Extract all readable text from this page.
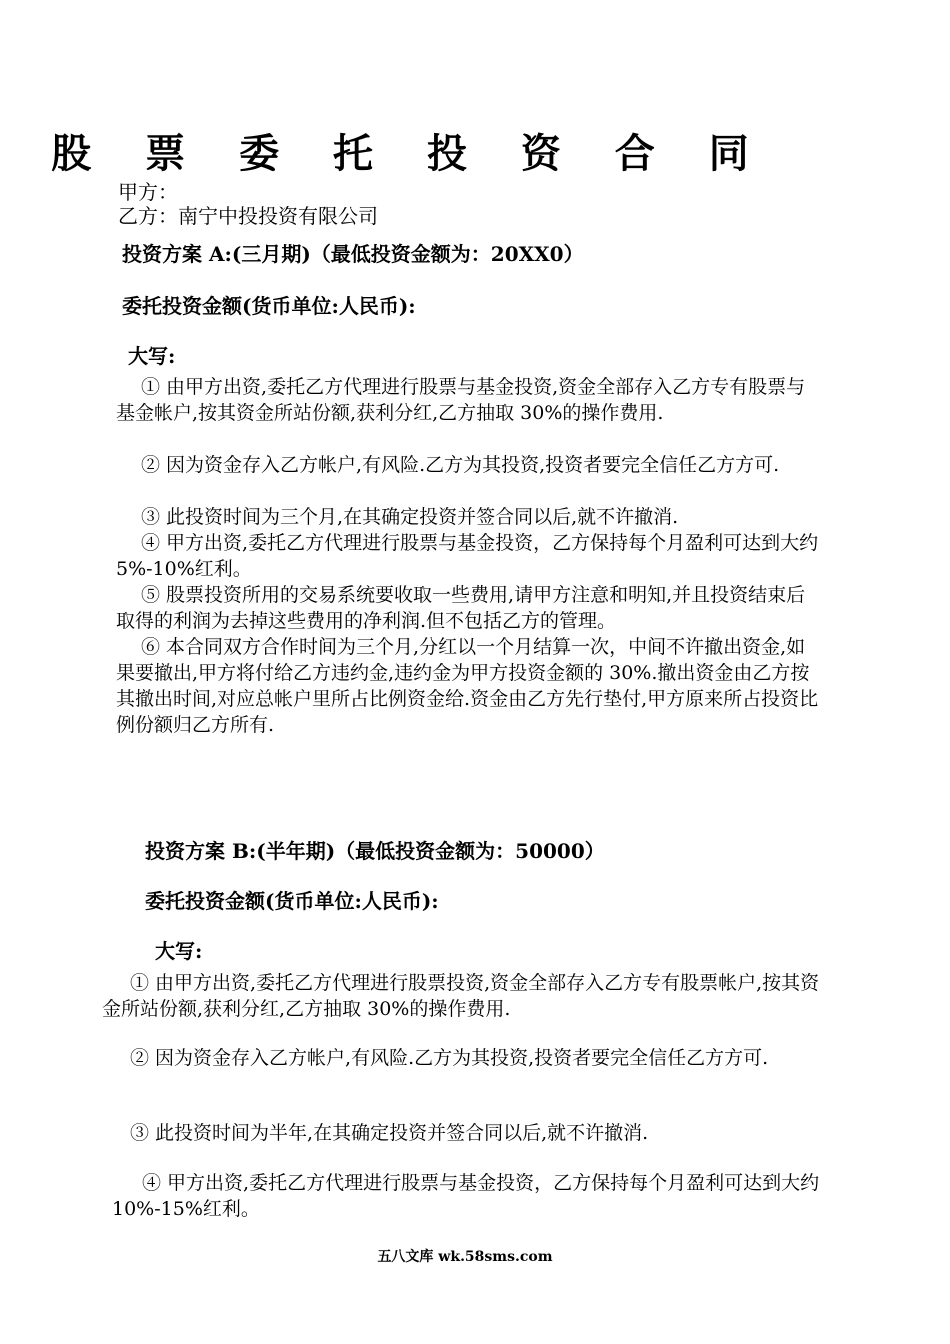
股 票 委 托 投 资 合 同
甲方：
乙方：南宁中投投资有限公司
投资方案 A:(三月期)（最低投资金额为：20XX0）
委托投资金额(货币单位:人民币):
大写:
① 由甲方出资,委托乙方代理进行股票与基金投资,资金全部存入乙方专有股票与基金帐户,按其资金所站份额,获利分红,乙方抽取 30%的操作费用.
② 因为资金存入乙方帐户,有风险.乙方为其投资,投资者要完全信任乙方方可.
③ 此投资时间为三个月,在其确定投资并签合同以后,就不许撤消.
④ 甲方出资,委托乙方代理进行股票与基金投资，乙方保持每个月盈利可达到大约 5%-10%红利。
⑤ 股票投资所用的交易系统要收取一些费用,请甲方注意和明知,并且投资结束后取得的利润为去掉这些费用的净利润.但不包括乙方的管理。
⑥ 本合同双方合作时间为三个月,分红以一个月结算一次，中间不许撤出资金,如果要撤出,甲方将付给乙方违约金,违约金为甲方投资金额的 30%.撤出资金由乙方按其撤出时间,对应总帐户里所占比例资金给.资金由乙方先行垫付,甲方原来所占投资比例份额归乙方所有.
投资方案 B:(半年期)（最低投资金额为：50000）
委托投资金额(货币单位:人民币):
大写:
① 由甲方出资,委托乙方代理进行股票投资,资金全部存入乙方专有股票帐户,按其资金所站份额,获利分红,乙方抽取 30%的操作费用.
② 因为资金存入乙方帐户,有风险.乙方为其投资,投资者要完全信任乙方方可.
③ 此投资时间为半年,在其确定投资并签合同以后,就不许撤消.
④ 甲方出资,委托乙方代理进行股票与基金投资，乙方保持每个月盈利可达到大约 10%-15%红利。
五八文库 wk.58sms.com
